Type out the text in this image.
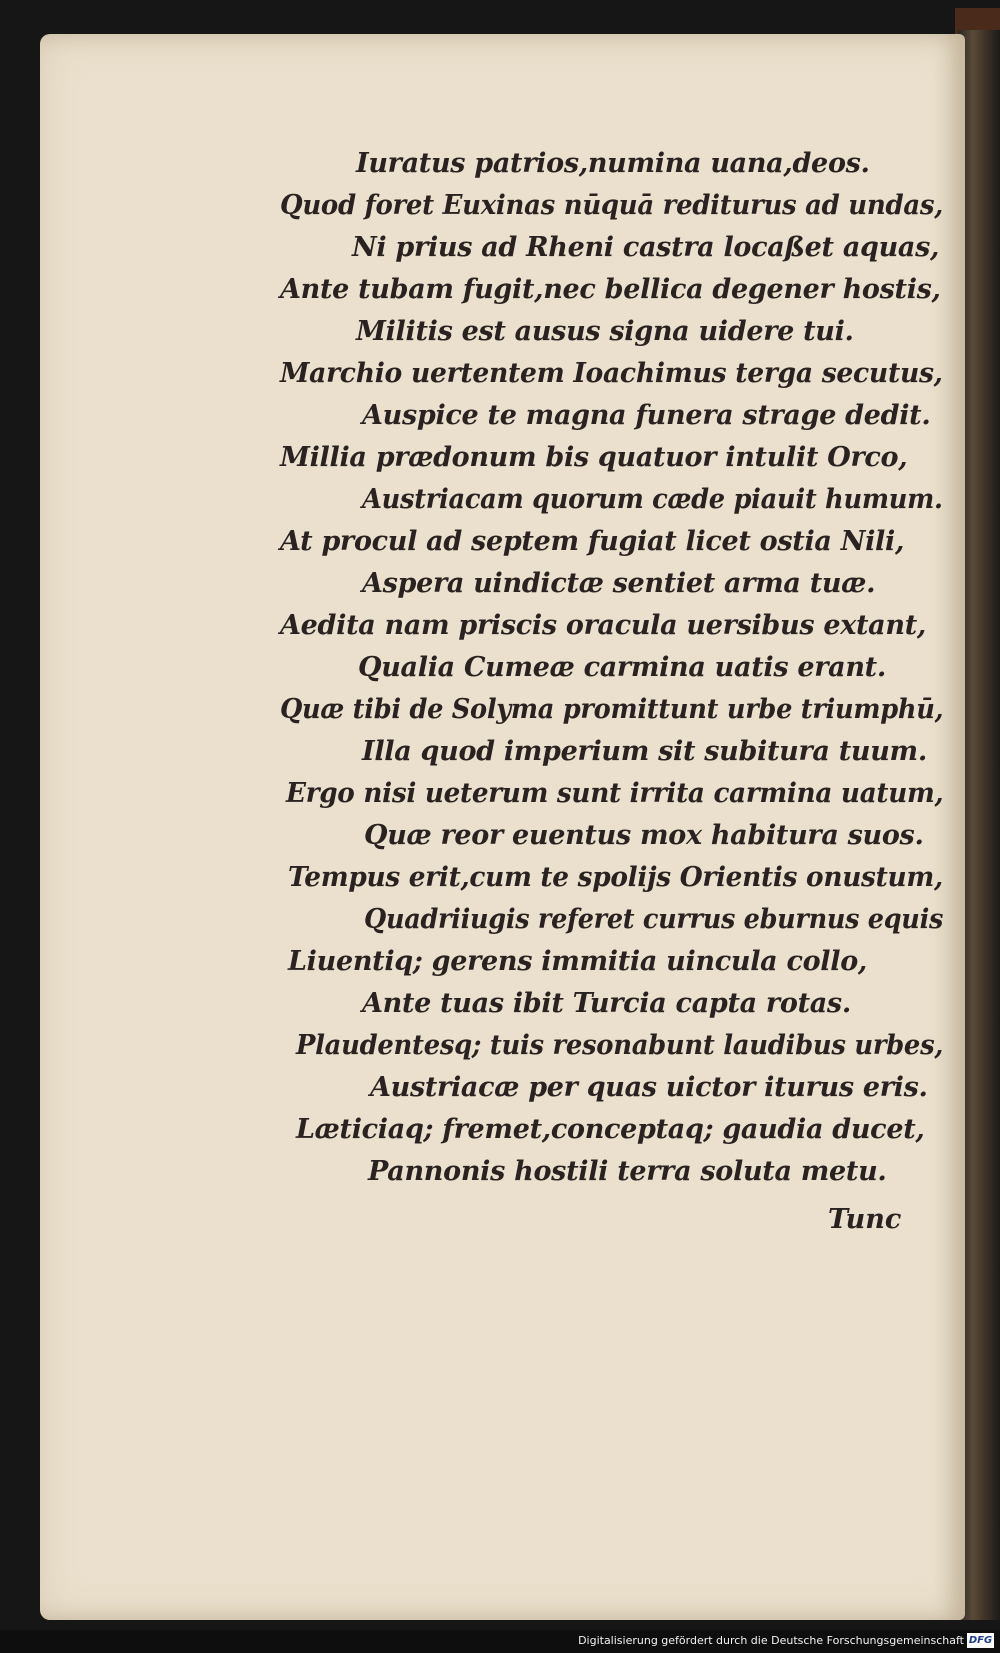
Iuratus patrios,numina uana,deos.
Quod foret Euxinas nūquā rediturus ad undas,
Ni prius ad Rheni castra locaßet aquas,
Ante tubam fugit,nec bellica degener hostis,
Militis est ausus signa uidere tui.
Marchio uertentem Ioachimus terga secutus,
Auspice te magna funera strage dedit.
Millia prædonum bis quatuor intulit Orco,
Austriacam quorum cæde piauit humum.
At procul ad septem fugiat licet ostia Nili,
Aspera uindictæ sentiet arma tuæ.
Aedita nam priscis oracula uersibus extant,
Qualia Cumeæ carmina uatis erant.
Quæ tibi de Solyma promittunt urbe triumphū,
Illa quod imperium sit subitura tuum.
Ergo nisi ueterum sunt irrita carmina uatum,
Quæ reor euentus mox habitura suos.
Tempus erit,cum te spolijs Orientis onustum,
Quadriiugis referet currus eburnus equis
Liuentiq; gerens immitia uincula collo,
Ante tuas ibit Turcia capta rotas.
Plaudentesq; tuis resonabunt laudibus urbes,
Austriacæ per quas uictor iturus eris.
Læticiaq; fremet,conceptaq; gaudia ducet,
Pannonis hostili terra soluta metu.
Tunc
Digitalisierung gefördert durch die Deutsche Forschungsgemeinschaft DFG
